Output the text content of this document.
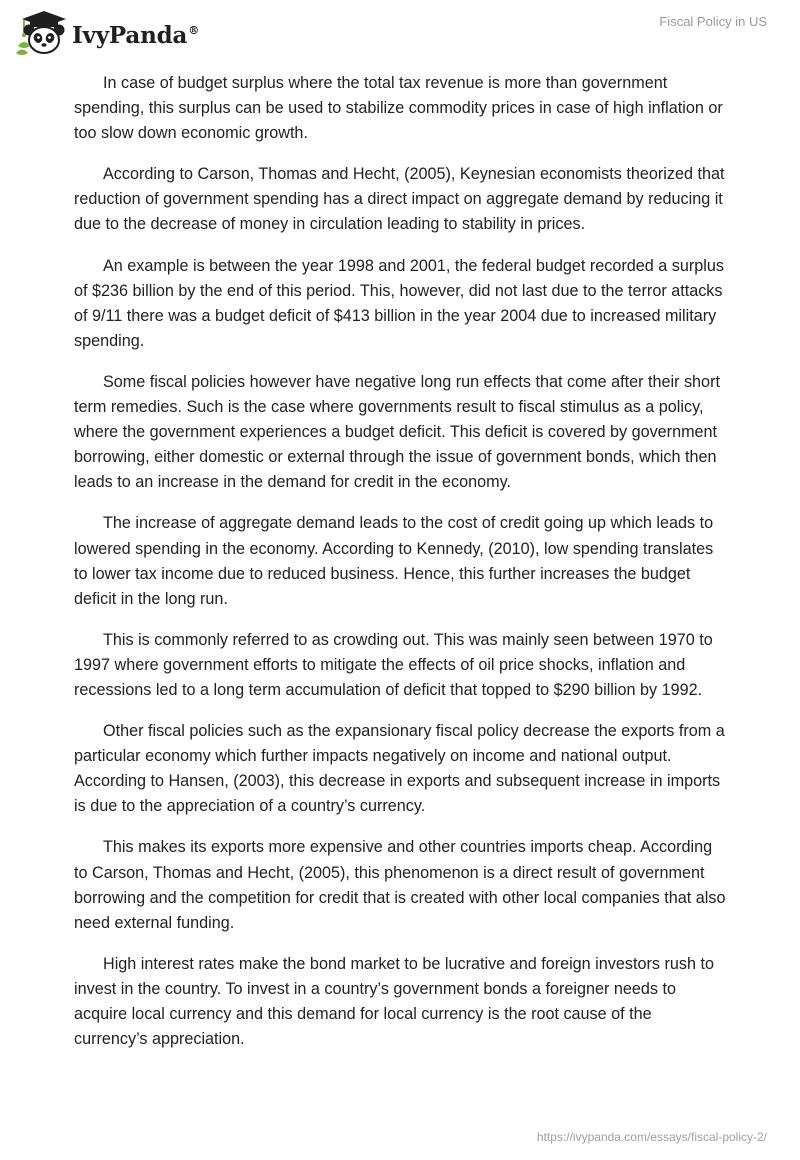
IvyPanda®
Fiscal Policy in US

In case of budget surplus where the total tax revenue is more than government spending, this surplus can be used to stabilize commodity prices in case of high inflation or too slow down economic growth.

According to Carson, Thomas and Hecht, (2005), Keynesian economists theorized that reduction of government spending has a direct impact on aggregate demand by reducing it due to the decrease of money in circulation leading to stability in prices.

An example is between the year 1998 and 2001, the federal budget recorded a surplus of $236 billion by the end of this period. This, however, did not last due to the terror attacks of 9/11 there was a budget deficit of $413 billion in the year 2004 due to increased military spending.

Some fiscal policies however have negative long run effects that come after their short term remedies. Such is the case where governments result to fiscal stimulus as a policy, where the government experiences a budget deficit. This deficit is covered by government borrowing, either domestic or external through the issue of government bonds, which then leads to an increase in the demand for credit in the economy.

The increase of aggregate demand leads to the cost of credit going up which leads to lowered spending in the economy. According to Kennedy, (2010), low spending translates to lower tax income due to reduced business. Hence, this further increases the budget deficit in the long run.

This is commonly referred to as crowding out. This was mainly seen between 1970 to 1997 where government efforts to mitigate the effects of oil price shocks, inflation and recessions led to a long term accumulation of deficit that topped to $290 billion by 1992.

Other fiscal policies such as the expansionary fiscal policy decrease the exports from a particular economy which further impacts negatively on income and national output. According to Hansen, (2003), this decrease in exports and subsequent increase in imports is due to the appreciation of a country’s currency.

This makes its exports more expensive and other countries imports cheap. According to Carson, Thomas and Hecht, (2005), this phenomenon is a direct result of government borrowing and the competition for credit that is created with other local companies that also need external funding.

High interest rates make the bond market to be lucrative and foreign investors rush to invest in the country. To invest in a country’s government bonds a foreigner needs to acquire local currency and this demand for local currency is the root cause of the currency’s appreciation.

https://ivypanda.com/essays/fiscal-policy-2/
